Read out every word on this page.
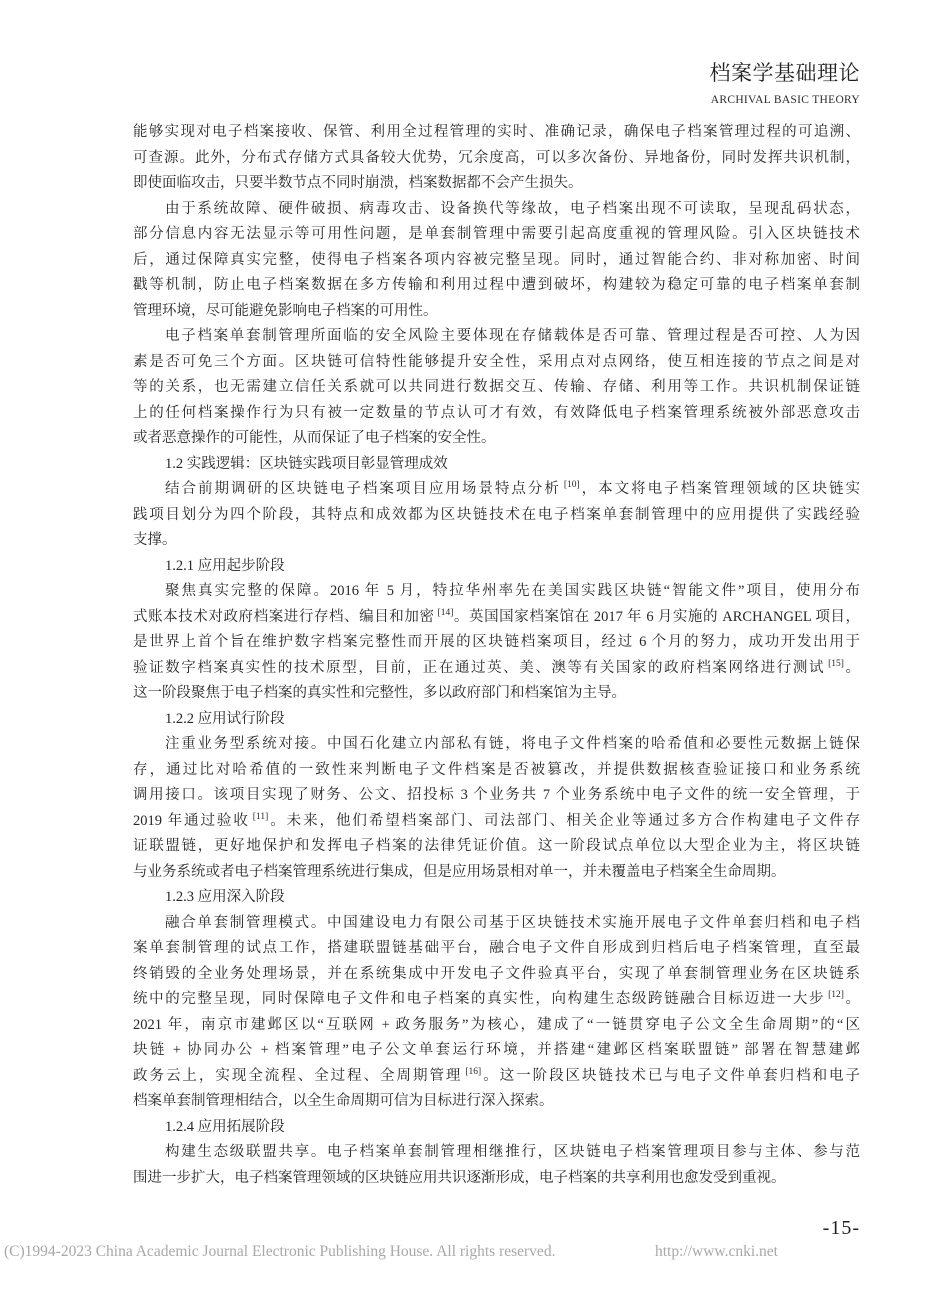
档案学基础理论
ARCHIVAL BASIC THEORY
能够实现对电子档案接收、保管、利用全过程管理的实时、准确记录，确保电子档案管理过程的可追溯、
可查源。此外，分布式存储方式具备较大优势，冗余度高，可以多次备份、异地备份，同时发挥共识机制，
即使面临攻击，只要半数节点不同时崩溃，档案数据都不会产生损失。
由于系统故障、硬件破损、病毒攻击、设备换代等缘故，电子档案出现不可读取，呈现乱码状态，
部分信息内容无法显示等可用性问题，是单套制管理中需要引起高度重视的管理风险。引入区块链技术
后，通过保障真实完整，使得电子档案各项内容被完整呈现。同时，通过智能合约、非对称加密、时间
戳等机制，防止电子档案数据在多方传输和利用过程中遭到破坏，构建较为稳定可靠的电子档案单套制
管理环境，尽可能避免影响电子档案的可用性。
电子档案单套制管理所面临的安全风险主要体现在存储载体是否可靠、管理过程是否可控、人为因
素是否可免三个方面。区块链可信特性能够提升安全性，采用点对点网络，使互相连接的节点之间是对
等的关系，也无需建立信任关系就可以共同进行数据交互、传输、存储、利用等工作。共识机制保证链
上的任何档案操作行为只有被一定数量的节点认可才有效，有效降低电子档案管理系统被外部恶意攻击
或者恶意操作的可能性，从而保证了电子档案的安全性。
1.2 实践逻辑：区块链实践项目彰显管理成效
结合前期调研的区块链电子档案项目应用场景特点分析 [10]，本文将电子档案管理领域的区块链实
践项目划分为四个阶段，其特点和成效都为区块链技术在电子档案单套制管理中的应用提供了实践经验
支撑。
1.2.1 应用起步阶段
聚焦真实完整的保障。2016 年 5 月，特拉华州率先在美国实践区块链“智能文件”项目，使用分布
式账本技术对政府档案进行存档、编目和加密 [14]。英国国家档案馆在 2017 年 6 月实施的 ARCHANGEL 项目，
是世界上首个旨在维护数字档案完整性而开展的区块链档案项目，经过 6 个月的努力，成功开发出用于
验证数字档案真实性的技术原型，目前，正在通过英、美、澳等有关国家的政府档案网络进行测试 [15]。
这一阶段聚焦于电子档案的真实性和完整性，多以政府部门和档案馆为主导。
1.2.2 应用试行阶段
注重业务型系统对接。中国石化建立内部私有链，将电子文件档案的哈希值和必要性元数据上链保
存，通过比对哈希值的一致性来判断电子文件档案是否被篡改，并提供数据核查验证接口和业务系统
调用接口。该项目实现了财务、公文、招投标 3 个业务共 7 个业务系统中电子文件的统一安全管理，于
2019 年通过验收 [11]。未来，他们希望档案部门、司法部门、相关企业等通过多方合作构建电子文件存
证联盟链，更好地保护和发挥电子档案的法律凭证价值。这一阶段试点单位以大型企业为主，将区块链
与业务系统或者电子档案管理系统进行集成，但是应用场景相对单一，并未覆盖电子档案全生命周期。
1.2.3 应用深入阶段
融合单套制管理模式。中国建设电力有限公司基于区块链技术实施开展电子文件单套归档和电子档
案单套制管理的试点工作，搭建联盟链基础平台，融合电子文件自形成到归档后电子档案管理，直至最
终销毁的全业务处理场景，并在系统集成中开发电子文件验真平台，实现了单套制管理业务在区块链系
统中的完整呈现，同时保障电子文件和电子档案的真实性，向构建生态级跨链融合目标迈进一大步 [12]。
2021 年，南京市建邺区以“互联网 + 政务服务”为核心，建成了“一链贯穿电子公文全生命周期”的“区
块链 + 协同办公 + 档案管理”电子公文单套运行环境，并搭建“建邺区档案联盟链” 部署在智慧建邺
政务云上，实现全流程、全过程、全周期管理 [16]。这一阶段区块链技术已与电子文件单套归档和电子
档案单套制管理相结合，以全生命周期可信为目标进行深入探索。
1.2.4 应用拓展阶段
构建生态级联盟共享。电子档案单套制管理相继推行，区块链电子档案管理项目参与主体、参与范
围进一步扩大，电子档案管理领域的区块链应用共识逐渐形成，电子档案的共享利用也愈发受到重视。
-15-
(C)1994-2023 China Academic Journal Electronic Publishing House. All rights reserved.	http://www.cnki.net
